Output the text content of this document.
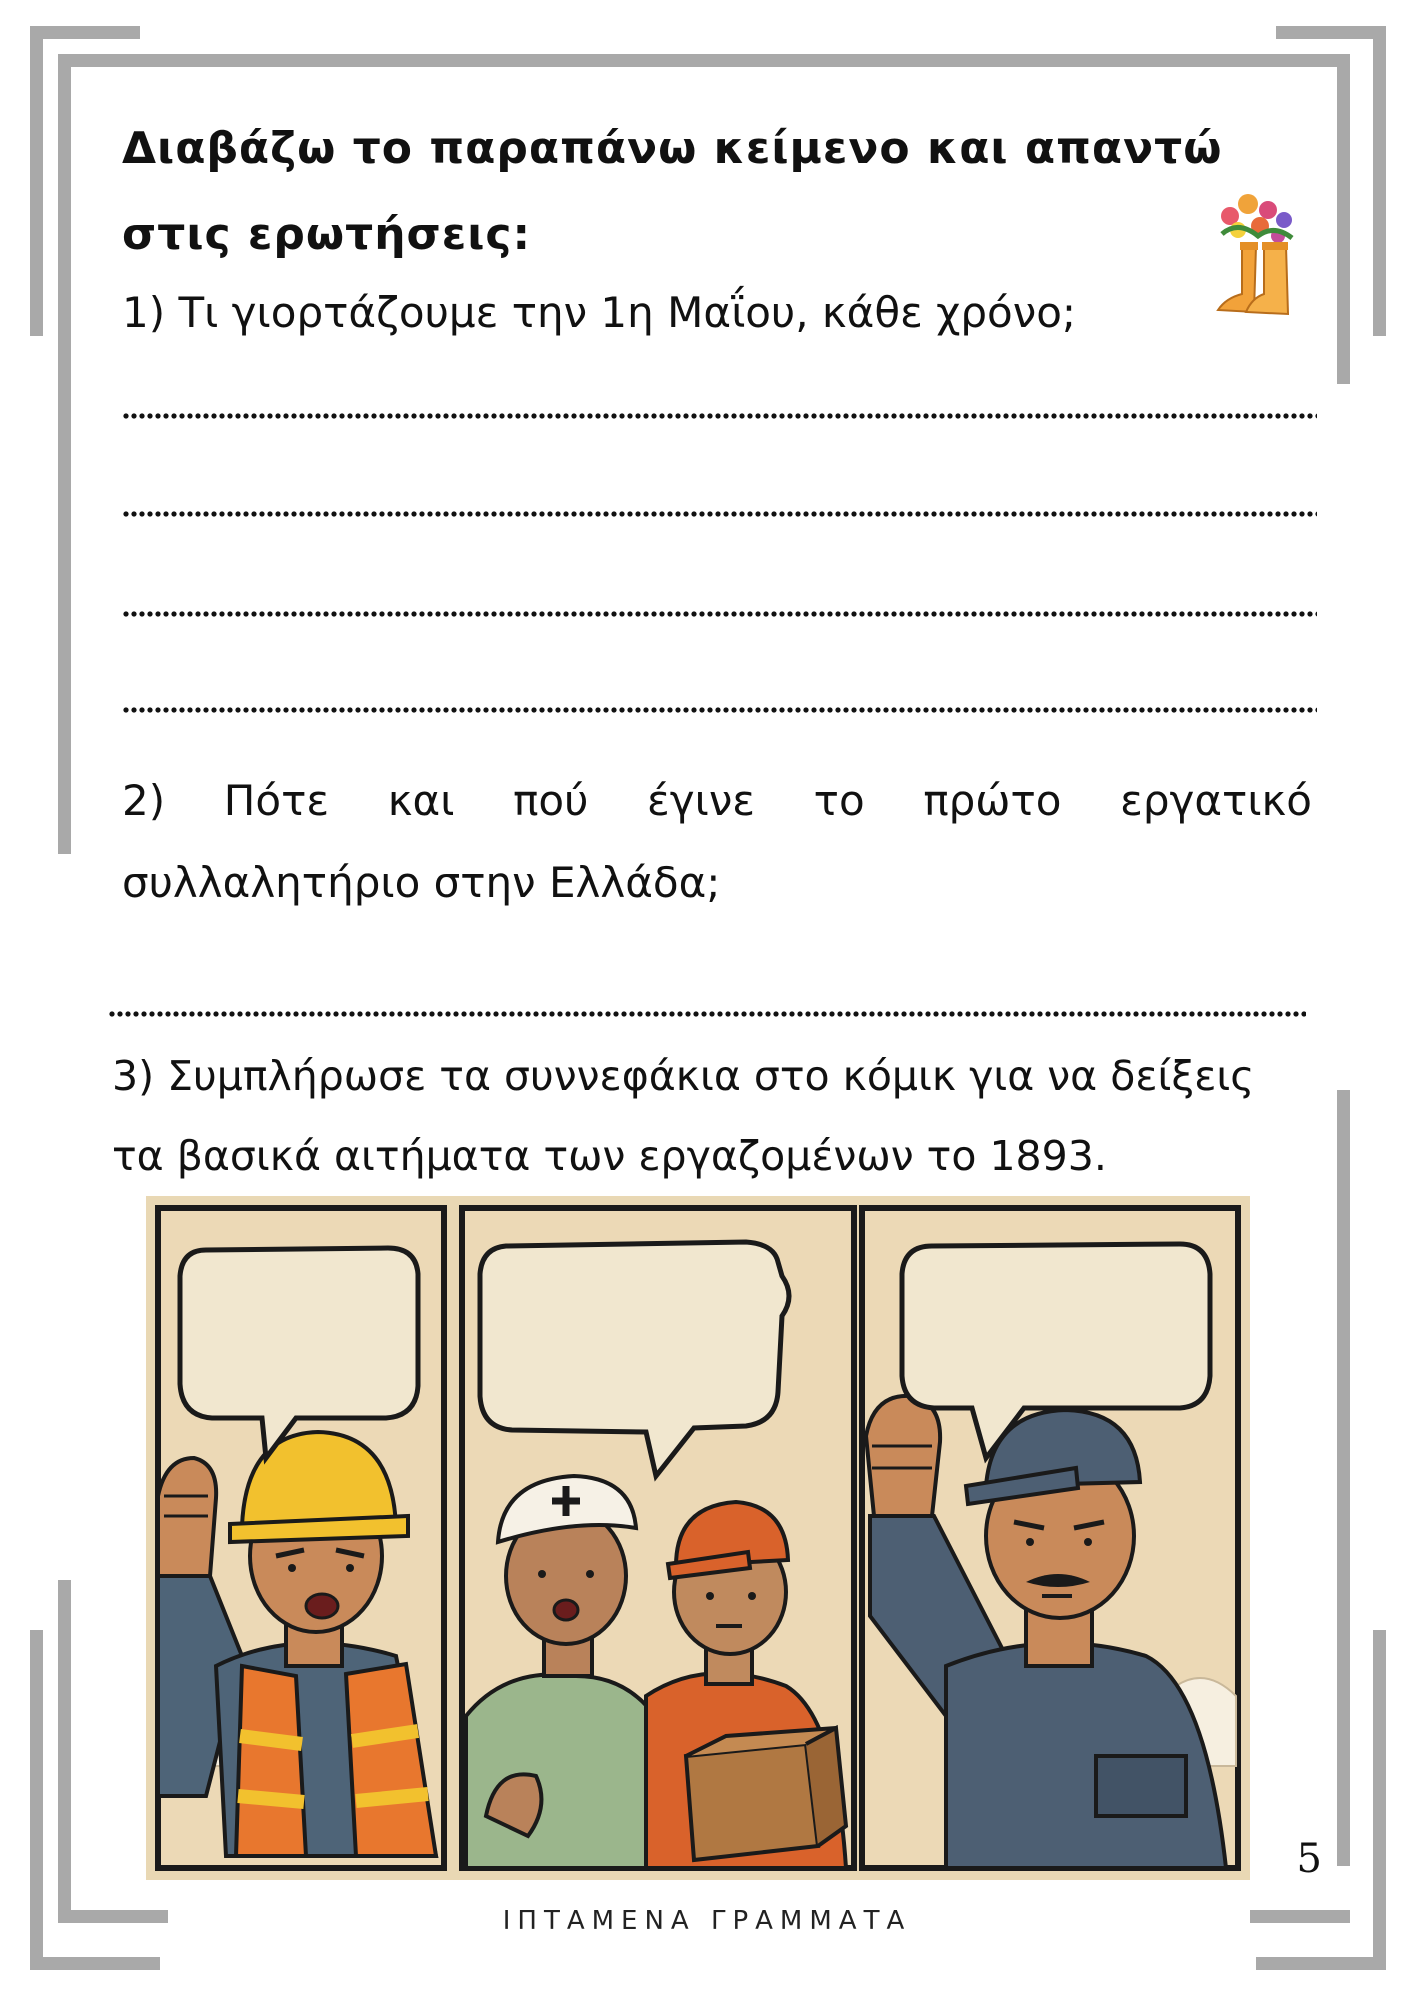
Διαβάζω το παραπάνω κείμενο και απαντώ στις ερωτήσεις:

1) Τι γιορτάζουμε την 1η Μαΐου, κάθε χρόνο;

2) Πότε και πού έγινε το πρώτο εργατικό
συλλαλητήριο στην Ελλάδα;

3) Συμπλήρωσε τα συννεφάκια στο κόμικ για να δείξεις τα βασικά αιτήματα των εργαζομένων το 1893.

5
ΙΠΤΑΜΕΝΑ ΓΡΑΜΜΑΤΑ
